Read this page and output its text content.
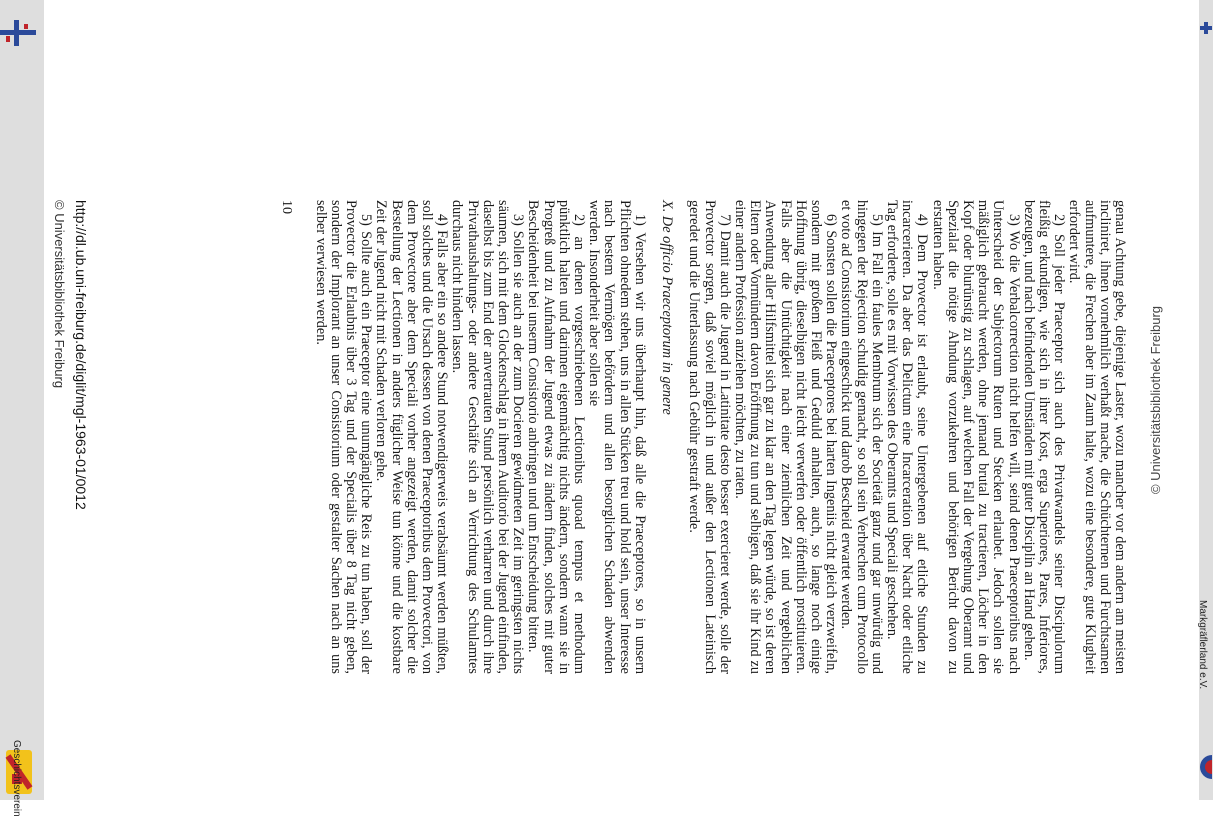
Geschichtsverein
© Universitätsbibliothek Freiburg

genau Achtung gebe, diejenige Laster, wozu mancher vor dem andern am meisten incliniret, ihnen vornehmlich verhaßt mache, die Schüchternen und Furchtsamen aufmuntere, die Frechen aber im Zaum halte, wozu eine besondere, gute Klugheit erfordert wird.

2) Soll jeder Praeceptor sich auch des Privatwandels seiner Discipulorum fleißig erkundigen, wie sich in ihrer Kost, erga Superiores, Pares, Inferiores, bezeugen, und nach befindenden Umständen mit guter Disciplin an Hand gehen.

3) Wo die Verbalcorrection nicht helfen will, seind denen Praeceptoribus nach Unterscheid der Subjectorum Ruten und Stecken erlaubet. Jedoch sollen sie mäßiglich gebraucht werden, ohne jemand brutal zu tractieren, Löcher in den Kopf oder blurünstig zu schlagen, auf welchen Fall der Vergehung Oberamt und Spezialat die nötige Ahndung vorzukehren und behörigen Bericht davon zu erstatten haben.

4) Dem Provector ist erlaubt, seine Untergebenen auf etliche Stunden zu incarcerieren. Da aber das Delictum eine Incarceration über Nacht oder etliche Tag erforderte, solle es mit Vorwissen des Oberamts und Speciali geschehen.

5) Im Fall ein faules Membrum sich der Societät ganz und gar unwürdig und hingegen der Rejection schuldig gemacht, so soll sein Verbrechen cum Protocollo et voto ad Consistorium eingeschickt und darob Bescheid erwartet werden.

6) Sonsten sollen die Praeceptores bei harten Ingeniis nicht gleich verzweifeln, sondern mit großem Fleiß und Geduld anhalten, auch, so lange noch einige Hoffnung übrig, dieselbigen nicht leicht verwerfen oder öffentlich prostituieren. Falls aber die Untüchtigkeit nach einer ziemlichen Zeit und vergeblichen Anwendung aller Hilfsmittel sich gar zu klar an den Tag legen würde, so ist deren Eltern oder Vormündern davon Eröffnung zu tun und selbigen, daß sie ihr Kind zu einer andern Profession anziehen möchten, zu raten.

7) Damit auch die Jugend in Latinitate desto besser exercieret werde, solle der Provector sorgen, daß soviel möglich in und außer den Lectionen Lateinisch geredet und die Unterlassung nach Gebühr gestraft werde.

X. De officio Praeceptorum in genere

1) Versehen wir uns überhaupt hin, daß alle die Praeceptores, so in unsern Pflichten ohnedem stehen, uns in allen Stücken treu und hold sein, unser Interesse nach bestem Vermögen befördern und allen besorglichen Schaden abwenden werden. Insonderheit aber sollen sie

2) an denen vorgeschriebenen Lectionibus quoad tempus et methodum pünktlich halten und darinnen eigenmächtig nichts ändern, sondern wann sie in Progreß und zu Aufnahm der Jugend etwas zu ändern finden, solches mit guter Bescheidenheit bei unserm Consistorio anbringen und um Entscheidung bitten.

3) Sollen sie auch an der zum Docieren gewidmeten Zeit im geringsten nichts säumen, sich mit dem Glockenschlag in ihrem Auditorio bei der Jugend einfinden, daselbst bis zum End der anvertrauten Stund persönlich verharren und durch ihre Privathaushaltungs- oder andere Geschäfte sich an Verrichtung des Schulamtes durchaus nicht hindern lassen.

4) Falls aber ein so andere Stund notwendigerweis verabsäumt werden müßten, soll solches und die Ursach dessen von denen Praeceptoribus dem Provectori, von dem Provectore aber dem Speciali vorher angezeigt werden, damit solcher die Bestellung der Lectionen in anders füglicher Weise tun könne und die kostbare Zeit der Jugend nicht mit Schaden verloren gehe.

5) Sollte auch ein Praeceptor eine unumgängliche Reis zu tun haben, soll der Provector die Erlaubnis über 3 Tag und der Specialis über 8 Tag nicht geben, sondern der Implorant an unser Consistorium oder gestalter Sachen nach an uns selber verwiesen werden.

10
http://dl.ub.uni-freiburg.de/diglit/mgl-1963-01/0012
© Universitätsbibliothek Freiburg
Markgräflerland e.V.
